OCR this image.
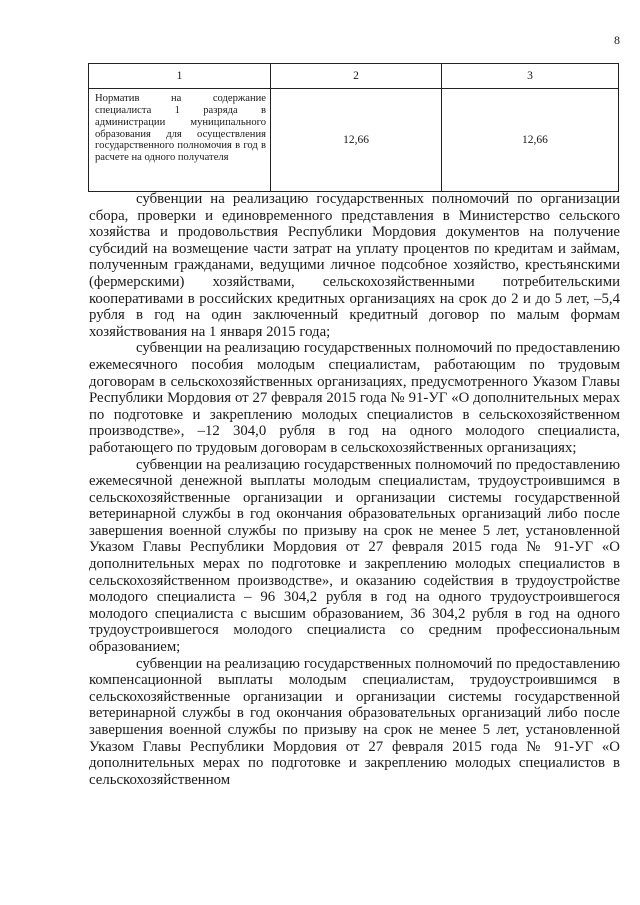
8
1	2	3
Норматив на содержание специалиста 1 разряда в администрации муниципального образования для осуществления государственного полномочия в год в расчете на одного получателя	12,66	12,66

субвенции на реализацию государственных полномочий по организации сбора, проверки и единовременного представления в Министерство сельского хозяйства и продовольствия Республики Мордовия документов на получение субсидий на возмещение части затрат на уплату процентов по кредитам и займам, полученным гражданами, ведущими личное подсобное хозяйство, крестьянскими (фермерскими) хозяйствами, сельскохозяйственными потребительскими кооперативами в российских кредитных организациях на срок до 2 и до 5 лет, –5,4 рубля в год на один заключенный кредитный договор по малым формам хозяйствования на 1 января 2015 года;

субвенции на реализацию государственных полномочий по предоставлению ежемесячного пособия молодым специалистам, работающим по трудовым договорам в сельскохозяйственных организациях, предусмотренного Указом Главы Республики Мордовия от 27 февраля 2015 года № 91-УГ «О дополнительных мерах по подготовке и закреплению молодых специалистов в сельскохозяйственном производстве», –12 304,0 рубля в год на одного молодого специалиста, работающего по трудовым договорам в сельскохозяйственных организациях;

субвенции на реализацию государственных полномочий по предоставлению ежемесячной денежной выплаты молодым специалистам, трудоустроившимся в сельскохозяйственные организации и организации системы государственной ветеринарной службы в год окончания образовательных организаций либо после завершения военной службы по призыву на срок не менее 5 лет, установленной Указом Главы Республики Мордовия от 27 февраля 2015 года № 91-УГ «О дополнительных мерах по подготовке и закреплению молодых специалистов в сельскохозяйственном производстве», и оказанию содействия в трудоустройстве молодого специалиста – 96 304,2 рубля в год на одного трудоустроившегося молодого специалиста с высшим образованием, 36 304,2 рубля в год на одного трудоустроившегося молодого специалиста со средним профессиональным образованием;

субвенции на реализацию государственных полномочий по предоставлению компенсационной выплаты молодым специалистам, трудоустроившимся в сельскохозяйственные организации и организации системы государственной ветеринарной службы в год окончания образовательных организаций либо после завершения военной службы по призыву на срок не менее 5 лет, установленной Указом Главы Республики Мордовия от 27 февраля 2015 года № 91-УГ «О дополнительных мерах по подготовке и закреплению молодых специалистов в сельскохозяйственном
